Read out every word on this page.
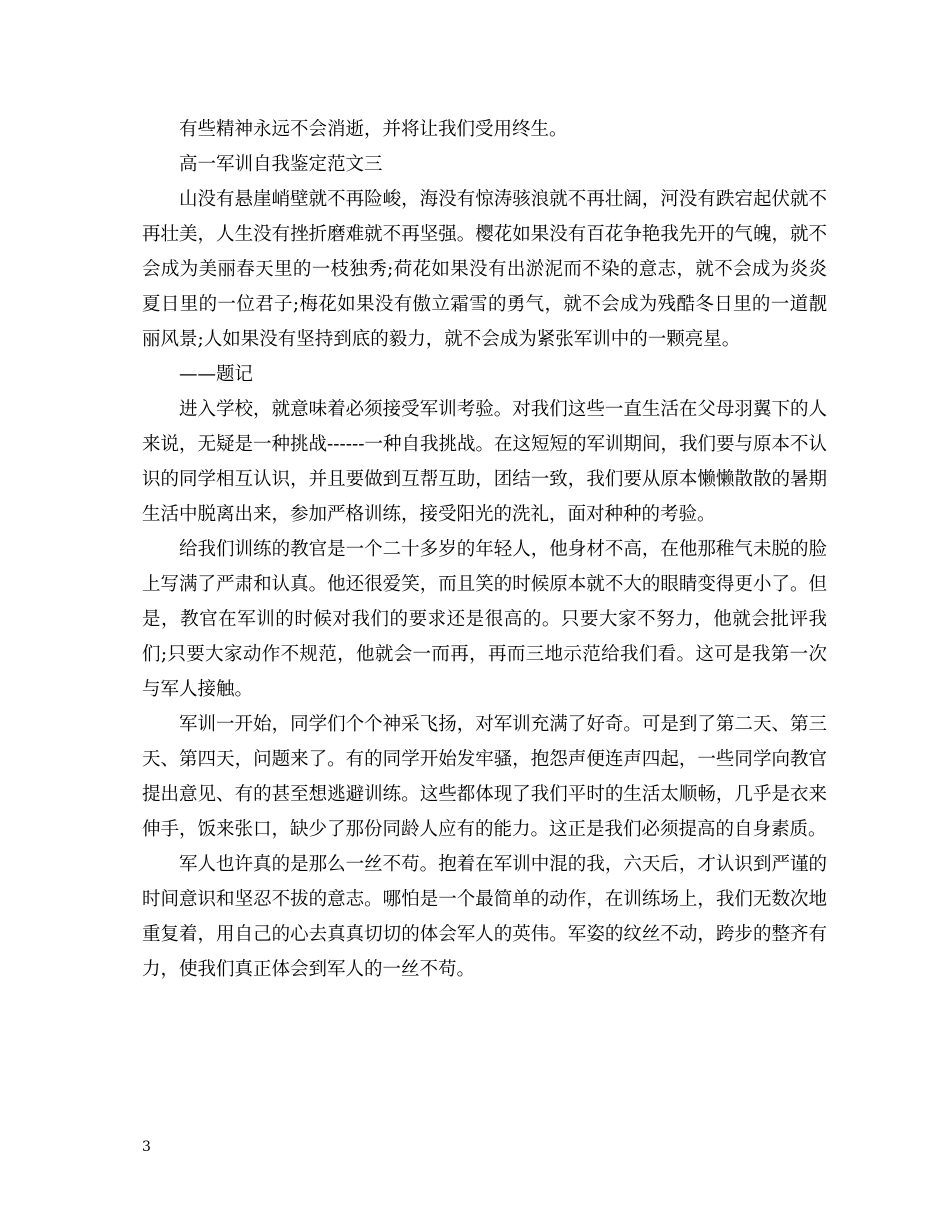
有些精神永远不会消逝，并将让我们受用终生。

高一军训自我鉴定范文三

山没有悬崖峭壁就不再险峻，海没有惊涛骇浪就不再壮阔，河没有跌宕起伏就不再壮美，人生没有挫折磨难就不再坚强。樱花如果没有百花争艳我先开的气魄，就不会成为美丽春天里的一枝独秀;荷花如果没有出淤泥而不染的意志，就不会成为炎炎夏日里的一位君子;梅花如果没有傲立霜雪的勇气，就不会成为残酷冬日里的一道靓丽风景;人如果没有坚持到底的毅力，就不会成为紧张军训中的一颗亮星。

——题记

进入学校，就意味着必须接受军训考验。对我们这些一直生活在父母羽翼下的人来说，无疑是一种挑战------一种自我挑战。在这短短的军训期间，我们要与原本不认识的同学相互认识，并且要做到互帮互助，团结一致，我们要从原本懒懒散散的暑期生活中脱离出来，参加严格训练，接受阳光的洗礼，面对种种的考验。

给我们训练的教官是一个二十多岁的年轻人，他身材不高，在他那稚气未脱的脸上写满了严肃和认真。他还很爱笑，而且笑的时候原本就不大的眼睛变得更小了。但是，教官在军训的时候对我们的要求还是很高的。只要大家不努力，他就会批评我们;只要大家动作不规范，他就会一而再，再而三地示范给我们看。这可是我第一次与军人接触。

军训一开始，同学们个个神采飞扬，对军训充满了好奇。可是到了第二天、第三天、第四天，问题来了。有的同学开始发牢骚，抱怨声便连声四起，一些同学向教官提出意见、有的甚至想逃避训练。这些都体现了我们平时的生活太顺畅，几乎是衣来伸手，饭来张口，缺少了那份同龄人应有的能力。这正是我们必须提高的自身素质。

军人也许真的是那么一丝不苟。抱着在军训中混的我，六天后，才认识到严谨的时间意识和坚忍不拔的意志。哪怕是一个最简单的动作，在训练场上，我们无数次地重复着，用自己的心去真真切切的体会军人的英伟。军姿的纹丝不动，跨步的整齐有力，使我们真正体会到军人的一丝不苟。

3
